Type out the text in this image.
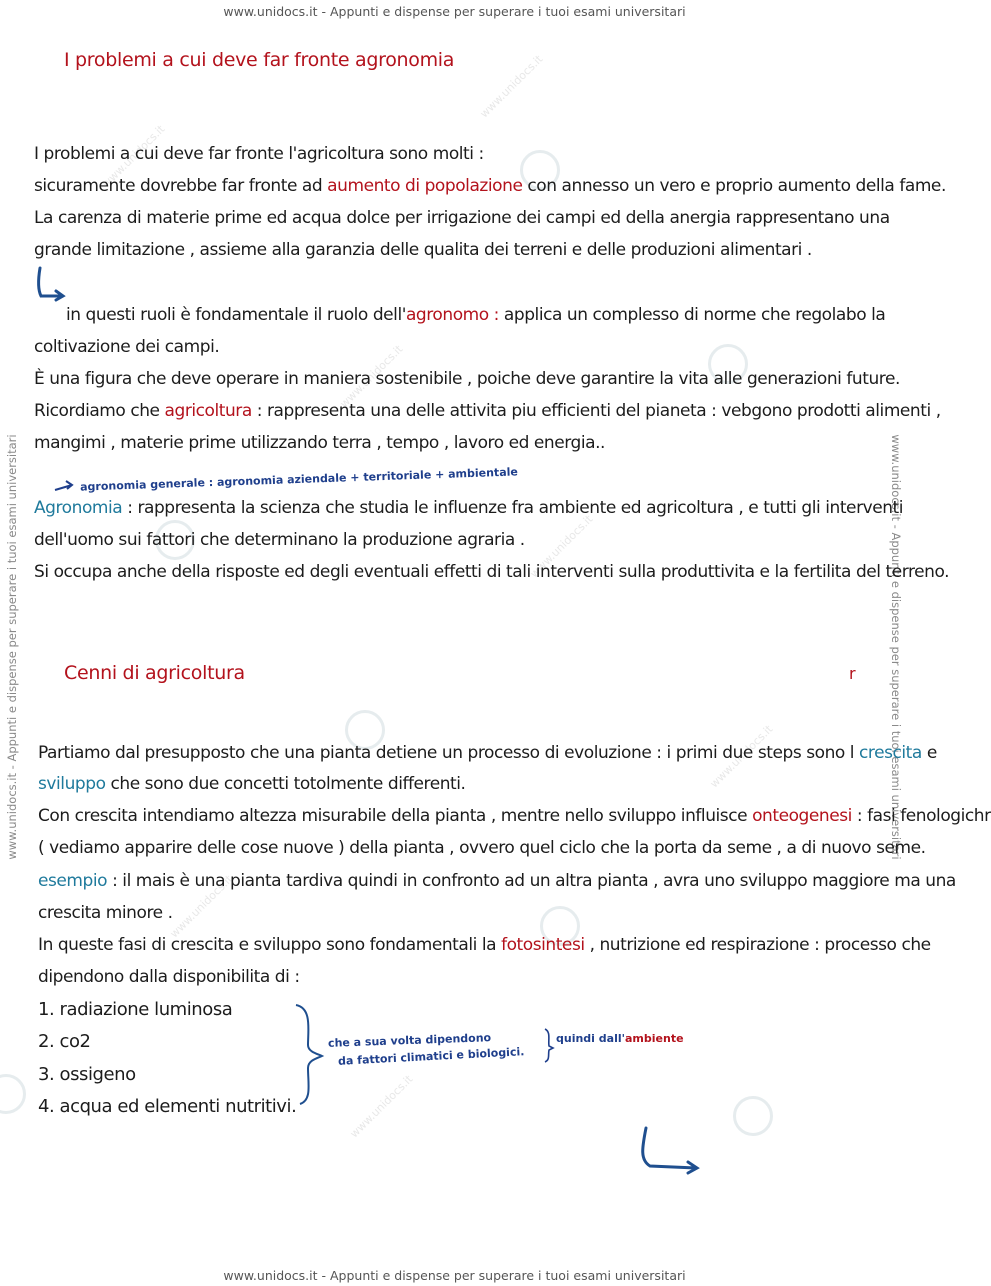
www.unidocs.it
www.unidocs.it
www.unidocs.it
www.unidocs.it
www.unidocs.it
www.unidocs.it
www.unidocs.it
www.unidocs.it - Appunti e dispense per superare i tuoi esami universitari
www.unidocs.it - Appunti e dispense per superare i tuoi esami universitari
www.unidocs.it - Appunti e dispense per superare i tuoi esami universitari	www.unidocs.it - Appunti e dispense per superare i tuoi esami universitari
I problemi a cui deve far fronte agronomia
I problemi a cui deve far fronte l'agricoltura sono molti :
sicuramente dovrebbe far fronte ad aumento di popolazione con annesso un vero e proprio aumento della fame.
La carenza di materie prime ed acqua dolce per irrigazione dei campi ed della anergia rappresentano una
grande limitazione , assieme alla garanzia delle qualita dei terreni e delle produzioni alimentari .
in questi ruoli è fondamentale il ruolo dell'agronomo : applica un complesso di norme che regolabo la
coltivazione dei campi.
È una figura che deve operare in maniera sostenibile , poiche deve garantire la vita alle generazioni future.
Ricordiamo che agricoltura : rappresenta una delle attivita piu efficienti del pianeta : vebgono prodotti alimenti ,
mangimi , materie prime utilizzando terra , tempo , lavoro ed energia..
agronomia generale : agronomia aziendale + territoriale + ambientale
Agronomia : rappresenta la scienza che studia le influenze fra ambiente ed agricoltura , e tutti gli interventi
dell'uomo sui fattori che determinano la produzione agraria .
Si occupa anche della risposte ed degli eventuali effetti di tali interventi sulla produttivita e la fertilita del terreno.
Cenni di agricoltura	r
Partiamo dal presupposto che una pianta detiene un processo di evoluzione : i primi due steps sono l crescita e
sviluppo che sono due concetti totolmente differenti.
Con crescita intendiamo altezza misurabile della pianta , mentre nello sviluppo influisce onteogenesi : fasi fenologichr
( vediamo apparire delle cose nuove ) della pianta , ovvero quel ciclo che la porta da seme , a di nuovo seme.
esempio : il mais è una pianta tardiva quindi in confronto ad un altra pianta , avra uno sviluppo maggiore ma una
crescita minore .
In queste fasi di crescita e sviluppo sono fondamentali la fotosintesi , nutrizione ed respirazione : processo che
dipendono dalla disponibilita di :
1. radiazione luminosa
2. co2
3. ossigeno
4. acqua ed elementi nutritivi.
che a sua volta dipendono
da fattori climatici e biologici.
quindi dall'ambiente
